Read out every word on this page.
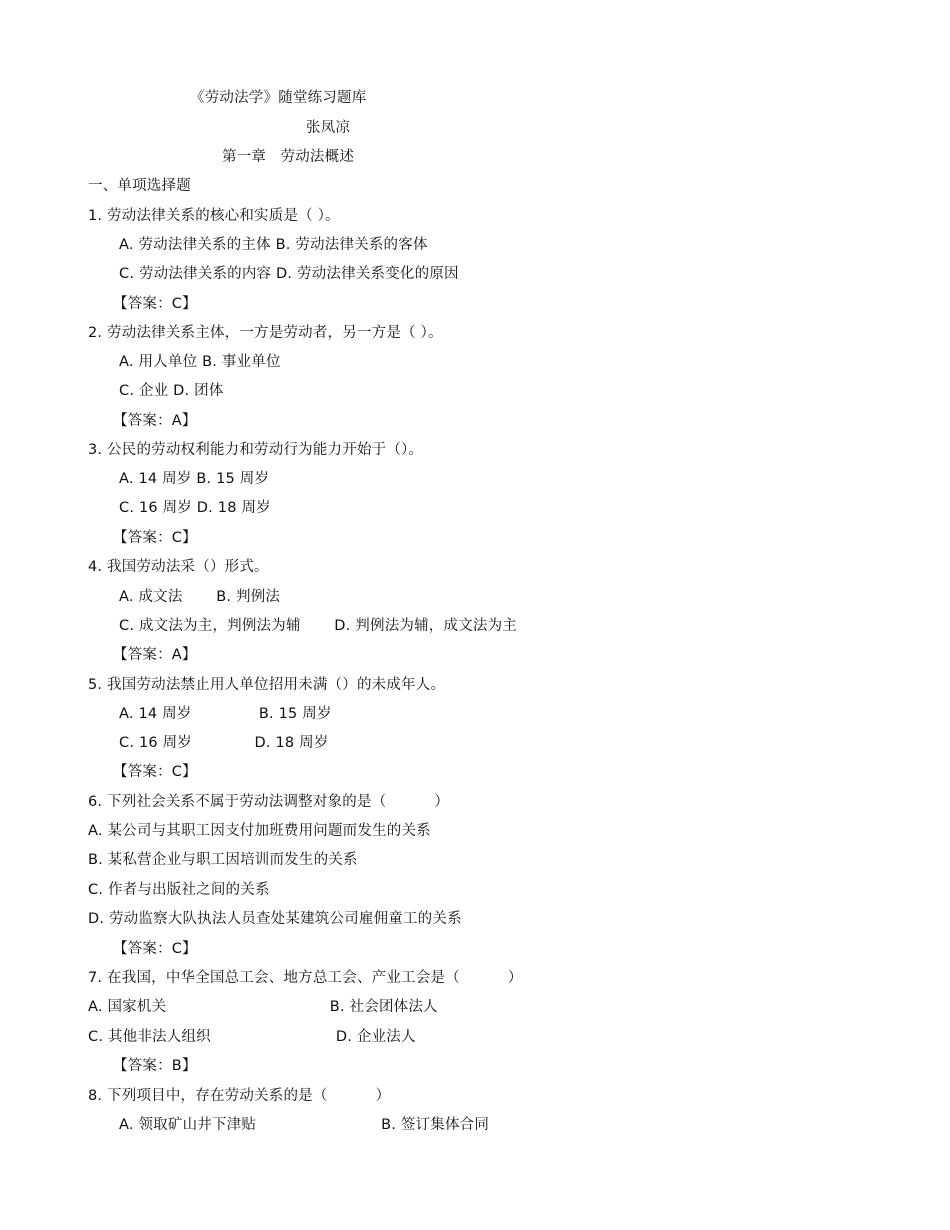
《劳动法学》随堂练习题库
张凤凉
第一章   劳动法概述
一、单项选择题
1. 劳动法律关系的核心和实质是（ ）。
A. 劳动法律关系的主体 B. 劳动法律关系的客体
C. 劳动法律关系的内容 D. 劳动法律关系变化的原因
【答案：C】
2. 劳动法律关系主体，一方是劳动者，另一方是（ ）。
A. 用人单位 B. 事业单位
C. 企业 D. 团体
【答案：A】
3. 公民的劳动权利能力和劳动行为能力开始于（）。
A. 14 周岁 B. 15 周岁
C. 16 周岁 D. 18 周岁
【答案：C】
4. 我国劳动法采（）形式。
A. 成文法       B. 判例法
C. 成文法为主，判例法为辅       D. 判例法为辅，成文法为主
【答案：A】
5. 我国劳动法禁止用人单位招用未满（）的未成年人。
A. 14 周岁              B. 15 周岁
C. 16 周岁             D. 18 周岁
【答案：C】
6. 下列社会关系不属于劳动法调整对象的是（          ）
A. 某公司与其职工因支付加班费用问题而发生的关系
B. 某私营企业与职工因培训而发生的关系
C. 作者与出版社之间的关系
D. 劳动监察大队执法人员查处某建筑公司雇佣童工的关系
【答案：C】
7. 在我国，中华全国总工会、地方总工会、产业工会是（          ）
A. 国家机关                                  B. 社会团体法人
C. 其他非法人组织                          D. 企业法人
【答案：B】
8. 下列项目中，存在劳动关系的是（          ）
A. 领取矿山井下津贴                          B. 签订集体合同
